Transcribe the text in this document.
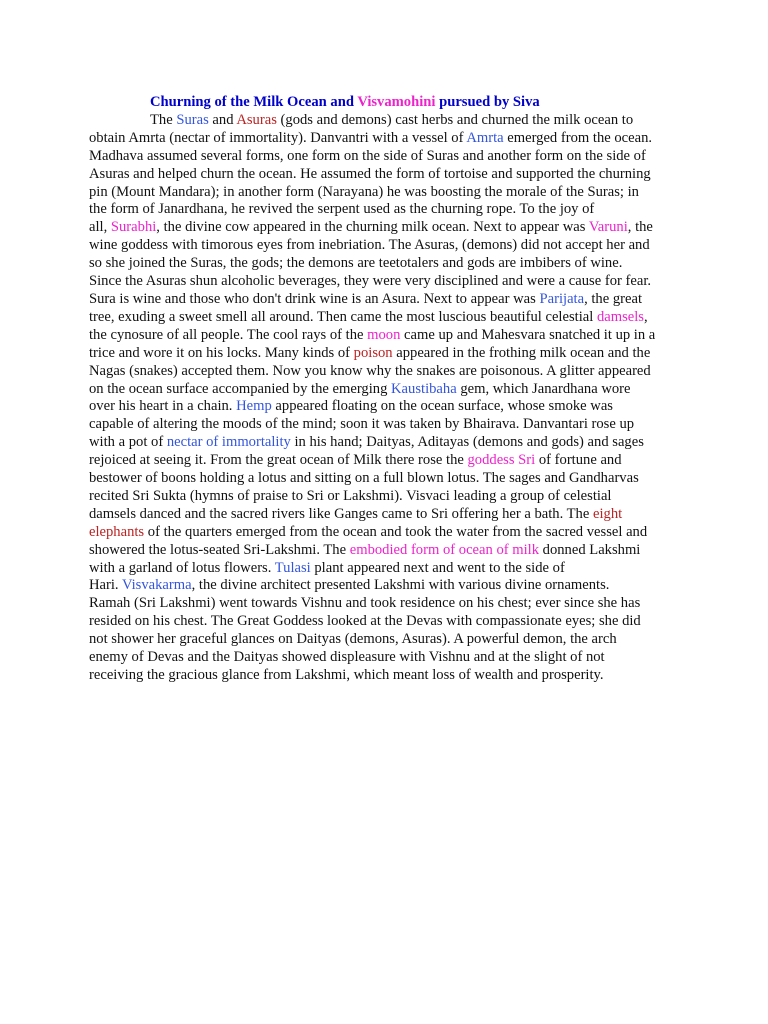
Churning of the Milk Ocean and Visvamohini pursued by Siva
The Suras and Asuras (gods and demons) cast herbs and churned the milk ocean to
obtain Amrta (nectar of immortality). Danvantri with a vessel of Amrta emerged from the ocean.
Madhava assumed several forms, one form on the side of Suras and another form on the side of
Asuras and helped churn the ocean. He assumed the form of tortoise and supported the churning
pin (Mount Mandara); in another form (Narayana) he was boosting the morale of the Suras; in
the form of Janardhana, he revived the serpent used as the churning rope. To the joy of
all, Surabhi, the divine cow appeared in the churning milk ocean. Next to appear was Varuni, the
wine goddess with timorous eyes from inebriation. The Asuras, (demons) did not accept her and
so she joined the Suras, the gods; the demons are teetotalers and gods are imbibers of wine.
Since the Asuras shun alcoholic beverages, they were very disciplined and were a cause for fear.
Sura is wine and those who don't drink wine is an Asura. Next to appear was Parijata, the great
tree, exuding a sweet smell all around. Then came the most luscious beautiful celestial damsels,
the cynosure of all people. The cool rays of the moon came up and Mahesvara snatched it up in a
trice and wore it on his locks. Many kinds of poison appeared in the frothing milk ocean and the
Nagas (snakes) accepted them. Now you know why the snakes are poisonous. A glitter appeared
on the ocean surface accompanied by the emerging Kaustibaha gem, which Janardhana wore
over his heart in a chain. Hemp appeared floating on the ocean surface, whose smoke was
capable of altering the moods of the mind; soon it was taken by Bhairava. Danvantari rose up
with a pot of nectar of immortality in his hand; Daityas, Aditayas (demons and gods) and sages
rejoiced at seeing it. From the great ocean of Milk there rose the goddess Sri of fortune and
bestower of boons holding a lotus and sitting on a full blown lotus. The sages and Gandharvas
recited Sri Sukta (hymns of praise to Sri or Lakshmi). Visvaci leading a group of celestial
damsels danced and the sacred rivers like Ganges came to Sri offering her a bath. The eight
elephants of the quarters emerged from the ocean and took the water from the sacred vessel and
showered the lotus-seated Sri-Lakshmi. The embodied form of ocean of milk donned Lakshmi
with a garland of lotus flowers. Tulasi plant appeared next and went to the side of
Hari. Visvakarma, the divine architect presented Lakshmi with various divine ornaments.
Ramah (Sri Lakshmi) went towards Vishnu and took residence on his chest; ever since she has
resided on his chest. The Great Goddess looked at the Devas with compassionate eyes; she did
not shower her graceful glances on Daityas (demons, Asuras). A powerful demon, the arch
enemy of Devas and the Daityas showed displeasure with Vishnu and at the slight of not
receiving the gracious glance from Lakshmi, which meant loss of wealth and prosperity.
